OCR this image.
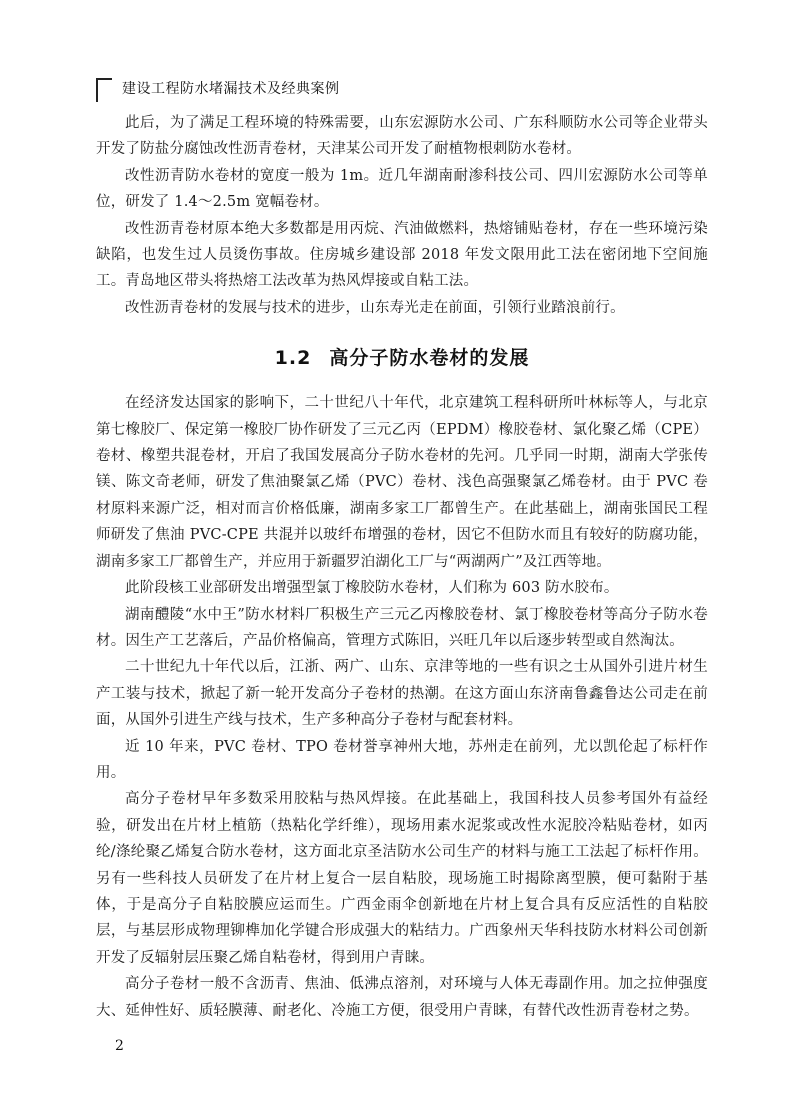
建设工程防水堵漏技术及经典案例

此后，为了满足工程环境的特殊需要，山东宏源防水公司、广东科顺防水公司等企业带头开发了防盐分腐蚀改性沥青卷材，天津某公司开发了耐植物根刺防水卷材。

改性沥青防水卷材的宽度一般为 1m。近几年湖南耐渗科技公司、四川宏源防水公司等单位，研发了 1.4～2.5m 宽幅卷材。

改性沥青卷材原本绝大多数都是用丙烷、汽油做燃料，热熔铺贴卷材，存在一些环境污染缺陷，也发生过人员烫伤事故。住房城乡建设部 2018 年发文限用此工法在密闭地下空间施工。青岛地区带头将热熔工法改革为热风焊接或自粘工法。

改性沥青卷材的发展与技术的进步，山东寿光走在前面，引领行业踏浪前行。

1.2 高分子防水卷材的发展

在经济发达国家的影响下，二十世纪八十年代，北京建筑工程科研所叶林标等人，与北京第七橡胶厂、保定第一橡胶厂协作研发了三元乙丙（EPDM）橡胶卷材、氯化聚乙烯（CPE）卷材、橡塑共混卷材，开启了我国发展高分子防水卷材的先河。几乎同一时期，湖南大学张传镁、陈文奇老师，研发了焦油聚氯乙烯（PVC）卷材、浅色高强聚氯乙烯卷材。由于 PVC 卷材原料来源广泛，相对而言价格低廉，湖南多家工厂都曾生产。在此基础上，湖南张国民工程师研发了焦油 PVC-CPE 共混并以玻纤布增强的卷材，因它不但防水而且有较好的防腐功能，湖南多家工厂都曾生产，并应用于新疆罗泊湖化工厂与“两湖两广”及江西等地。

此阶段核工业部研发出增强型氯丁橡胶防水卷材，人们称为 603 防水胶布。

湖南醴陵“水中王”防水材料厂积极生产三元乙丙橡胶卷材、氯丁橡胶卷材等高分子防水卷材。因生产工艺落后，产品价格偏高，管理方式陈旧，兴旺几年以后逐步转型或自然淘汰。

二十世纪九十年代以后，江浙、两广、山东、京津等地的一些有识之士从国外引进片材生产工装与技术，掀起了新一轮开发高分子卷材的热潮。在这方面山东济南鲁鑫鲁达公司走在前面，从国外引进生产线与技术，生产多种高分子卷材与配套材料。

近 10 年来，PVC 卷材、TPO 卷材誉享神州大地，苏州走在前列，尤以凯伦起了标杆作用。

高分子卷材早年多数采用胶粘与热风焊接。在此基础上，我国科技人员参考国外有益经验，研发出在片材上植筋（热粘化学纤维），现场用素水泥浆或改性水泥胶冷粘贴卷材，如丙纶/涤纶聚乙烯复合防水卷材，这方面北京圣洁防水公司生产的材料与施工工法起了标杆作用。另有一些科技人员研发了在片材上复合一层自粘胶，现场施工时揭除离型膜，便可黏附于基体，于是高分子自粘胶膜应运而生。广西金雨伞创新地在片材上复合具有反应活性的自粘胶层，与基层形成物理铆榫加化学键合形成强大的粘结力。广西象州天华科技防水材料公司创新开发了反辐射层压聚乙烯自粘卷材，得到用户青睐。

高分子卷材一般不含沥青、焦油、低沸点溶剂，对环境与人体无毒副作用。加之拉伸强度大、延伸性好、质轻膜薄、耐老化、冷施工方便，很受用户青睐，有替代改性沥青卷材之势。

2
